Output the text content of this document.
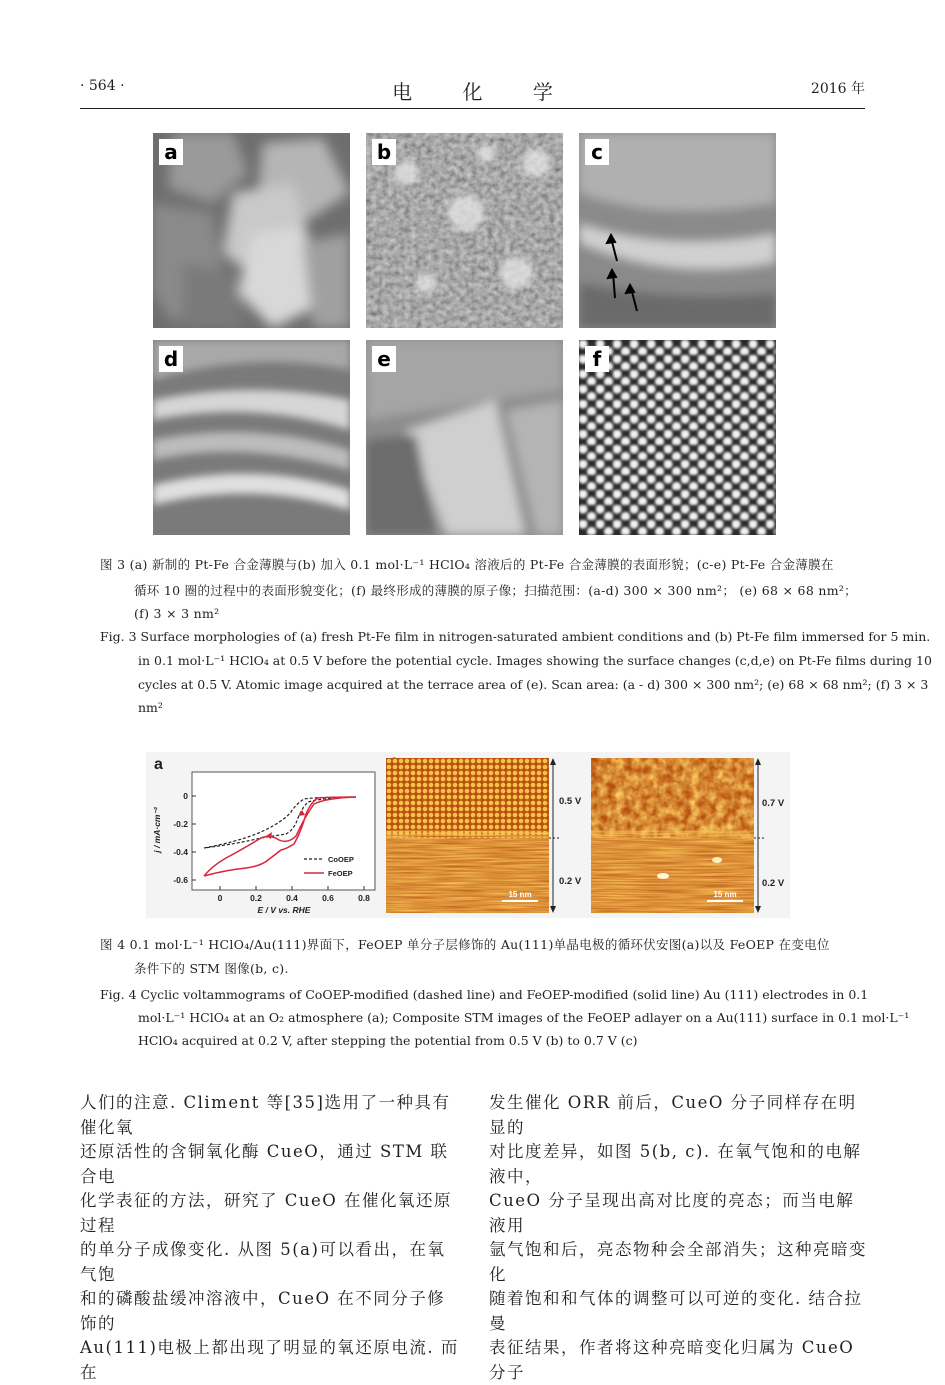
· 564 ·	电 化 学	2016 年
a	b	c
d	e	f
图 3 (a) 新制的 Pt-Fe 合金薄膜与(b) 加入 0.1 mol·L⁻¹ HClO₄ 溶液后的 Pt-Fe 合金薄膜的表面形貌；(c-e) Pt-Fe 合金薄膜在
循环 10 圈的过程中的表面形貌变化；(f) 最终形成的薄膜的原子像；扫描范围：(a-d) 300 × 300 nm²； (e) 68 × 68 nm²；
(f) 3 × 3 nm²
Fig. 3 Surface morphologies of (a) fresh Pt-Fe film in nitrogen-saturated ambient conditions and (b) Pt-Fe film immersed for 5 min.
in 0.1 mol·L⁻¹ HClO₄ at 0.5 V before the potential cycle. Images showing the surface changes (c,d,e) on Pt-Fe films during 10
cycles at 0.5 V. Atomic image acquired at the terrace area of (e). Scan area: (a - d) 300 × 300 nm²; (e) 68 × 68 nm²; (f) 3 × 3
nm²
a
0
-0.2
-0.4
-0.6
0	0.2	0.4	0.6	0.8
E / V vs. RHE
j / mA·cm⁻²
CoOEP
FeOEP
15 nm
0.5 V
0.2 V
15 nm
0.7 V
0.2 V
图 4 0.1 mol·L⁻¹ HClO₄/Au(111)界面下，FeOEP 单分子层修饰的 Au(111)单晶电极的循环伏安图(a)以及 FeOEP 在变电位
条件下的 STM 图像(b, c).
Fig. 4 Cyclic voltammograms of CoOEP-modified (dashed line) and FeOEP-modified (solid line) Au (111) electrodes in 0.1
mol·L⁻¹ HClO₄ at an O₂ atmosphere (a); Composite STM images of the FeOEP adlayer on a Au(111) surface in 0.1 mol·L⁻¹
HClO₄ acquired at 0.2 V, after stepping the potential from 0.5 V (b) to 0.7 V (c)
人们的注意. Climent 等[35]选用了一种具有催化氧
还原活性的含铜氧化酶 CueO，通过 STM 联合电
化学表征的方法，研究了 CueO 在催化氧还原过程
的单分子成像变化. 从图 5(a)可以看出，在氧气饱
和的磷酸盐缓冲溶液中，CueO 在不同分子修饰的
Au(111)电极上都出现了明显的氧还原电流. 而在
发生催化 ORR 前后，CueO 分子同样存在明显的
对比度差异，如图 5(b, c). 在氧气饱和的电解液中，
CueO 分子呈现出高对比度的亮态；而当电解液用
氩气饱和后，亮态物种会全部消失；这种亮暗变化
随着饱和和气体的调整可以可逆的变化. 结合拉曼
表征结果，作者将这种亮暗变化归属为 CueO 分子
